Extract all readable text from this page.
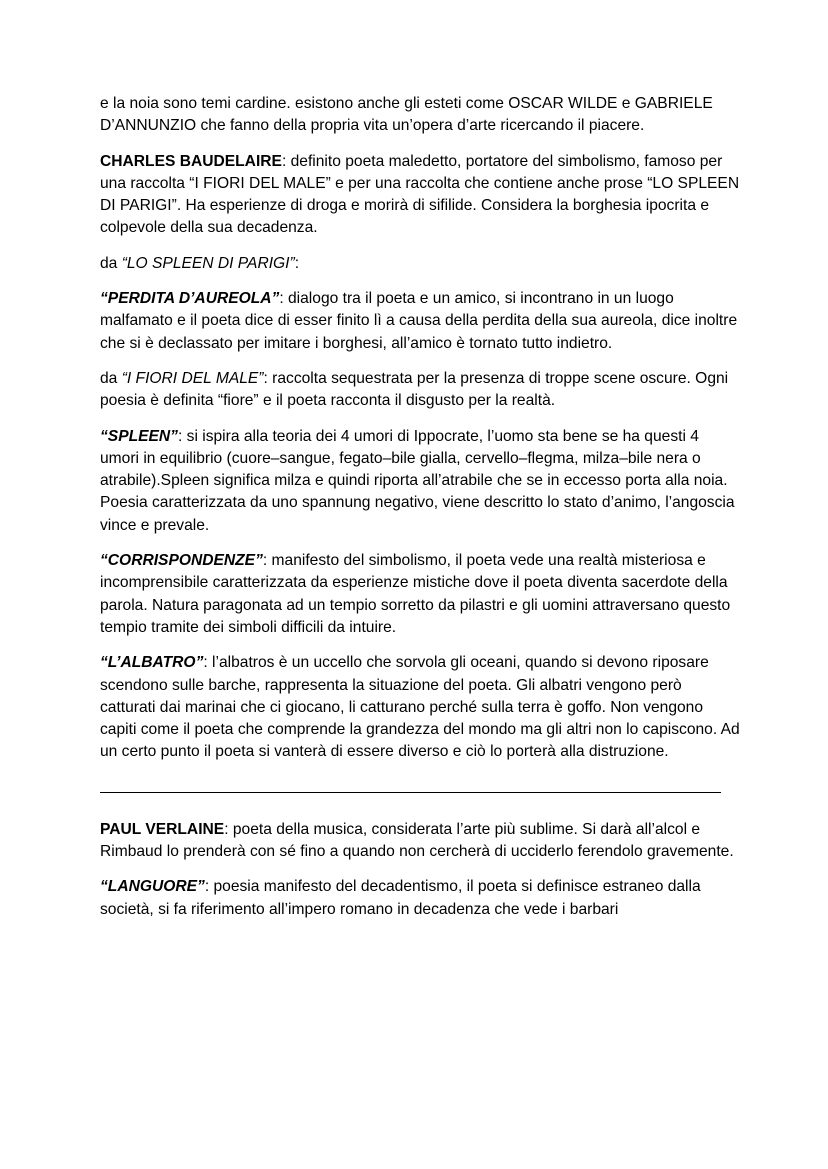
e la noia sono temi cardine. esistono anche gli esteti come OSCAR WILDE e GABRIELE D’ANNUNZIO che fanno della propria vita un’opera d’arte ricercando il piacere.

CHARLES BAUDELAIRE: definito poeta maledetto, portatore del simbolismo, famoso per una raccolta “I FIORI DEL MALE” e per una raccolta che contiene anche prose “LO SPLEEN DI PARIGI”. Ha esperienze di droga e morirà di sifilide. Considera la borghesia ipocrita e colpevole della sua decadenza.

da “LO SPLEEN DI PARIGI”:

“PERDITA D’AUREOLA”: dialogo tra il poeta e un amico, si incontrano in un luogo malfamato e il poeta dice di esser finito lì a causa della perdita della sua aureola, dice inoltre che si è declassato per imitare i borghesi, all’amico è tornato tutto indietro.

da “I FIORI DEL MALE”: raccolta sequestrata per la presenza di troppe scene oscure. Ogni poesia è definita “fiore” e il poeta racconta il disgusto per la realtà.

“SPLEEN”: si ispira alla teoria dei 4 umori di Ippocrate, l’uomo sta bene se ha questi 4 umori in equilibrio (cuore–sangue, fegato–bile gialla, cervello–flegma, milza–bile nera o atrabile).Spleen significa milza e quindi riporta all’atrabile che se in eccesso porta alla noia. Poesia caratterizzata da uno spannung negativo, viene descritto lo stato d’animo, l’angoscia vince e prevale.

“CORRISPONDENZE”: manifesto del simbolismo, il poeta vede una realtà misteriosa e incomprensibile caratterizzata da esperienze mistiche dove il poeta diventa sacerdote della parola. Natura paragonata ad un tempio sorretto da pilastri e gli uomini attraversano questo tempio tramite dei simboli difficili da intuire.

“L’ALBATRO”: l’albatros è un uccello che sorvola gli oceani, quando si devono riposare scendono sulle barche, rappresenta la situazione del poeta. Gli albatri vengono però catturati dai marinai che ci giocano, li catturano perché sulla terra è goffo. Non vengono capiti come il poeta che comprende la grandezza del mondo ma gli altri non lo capiscono. Ad un certo punto il poeta si vanterà di essere diverso e ciò lo porterà alla distruzione.

PAUL VERLAINE: poeta della musica, considerata l’arte più sublime. Si darà all’alcol e Rimbaud lo prenderà con sé fino a quando non cercherà di ucciderlo ferendolo gravemente.

“LANGUORE”: poesia manifesto del decadentismo, il poeta si definisce estraneo dalla società, si fa riferimento all’impero romano in decadenza che vede i barbari
